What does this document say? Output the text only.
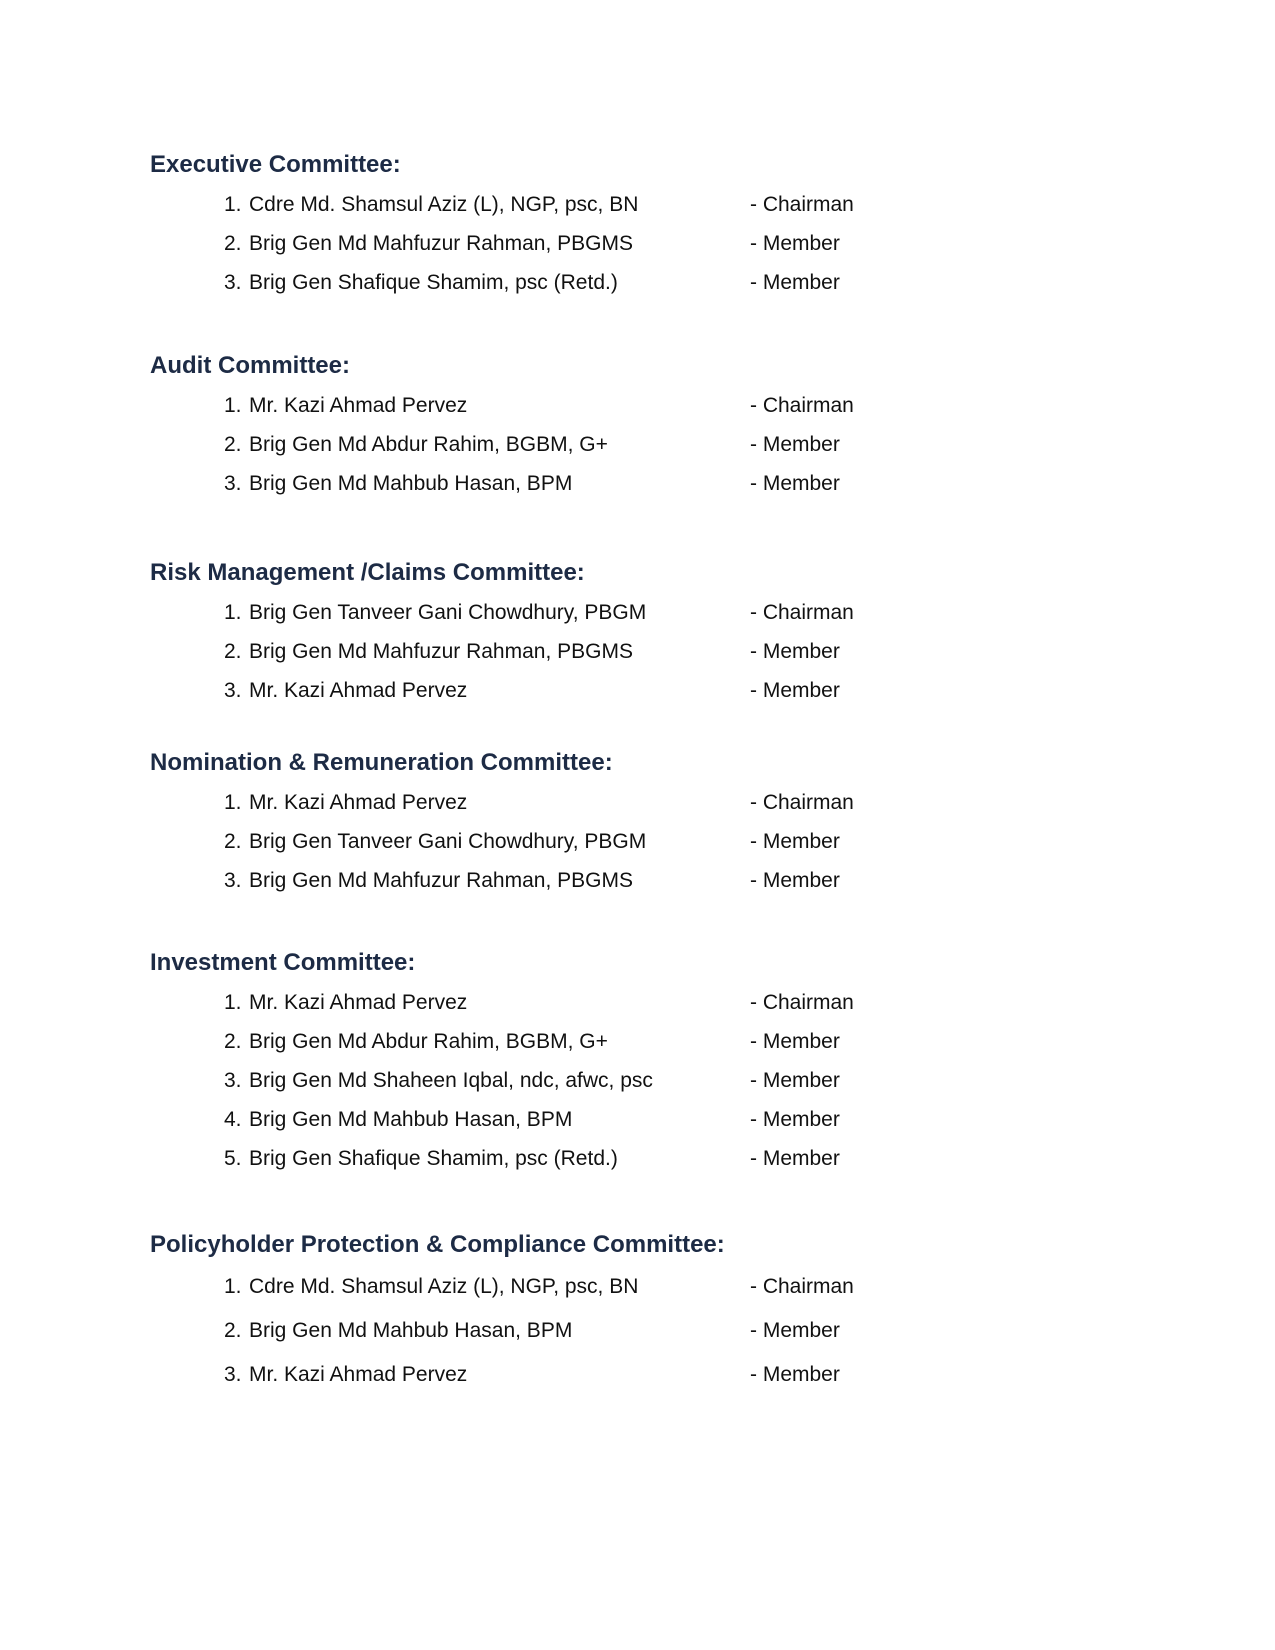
Executive Committee:
1. Cdre Md. Shamsul Aziz (L), NGP, psc, BN	- Chairman
2. Brig Gen Md Mahfuzur Rahman, PBGMS	- Member
3. Brig Gen Shafique Shamim, psc (Retd.)	- Member
Audit Committee:
1. Mr. Kazi Ahmad Pervez	- Chairman
2. Brig Gen Md Abdur Rahim, BGBM, G+	- Member
3. Brig Gen Md Mahbub Hasan, BPM	- Member
Risk Management /Claims Committee:
1. Brig Gen Tanveer Gani Chowdhury, PBGM	- Chairman
2. Brig Gen Md Mahfuzur Rahman, PBGMS	- Member
3. Mr. Kazi Ahmad Pervez	- Member
Nomination & Remuneration Committee:
1. Mr. Kazi Ahmad Pervez	- Chairman
2. Brig Gen Tanveer Gani Chowdhury, PBGM	- Member
3. Brig Gen Md Mahfuzur Rahman, PBGMS	- Member
Investment Committee:
1. Mr. Kazi Ahmad Pervez	- Chairman
2. Brig Gen Md Abdur Rahim, BGBM, G+	- Member
3. Brig Gen Md Shaheen Iqbal, ndc, afwc, psc	- Member
4. Brig Gen Md Mahbub Hasan, BPM	- Member
5. Brig Gen Shafique Shamim, psc (Retd.)	- Member
Policyholder Protection & Compliance Committee:
1. Cdre Md. Shamsul Aziz (L), NGP, psc, BN	- Chairman
2. Brig Gen Md Mahbub Hasan, BPM	- Member
3. Mr. Kazi Ahmad Pervez	- Member
